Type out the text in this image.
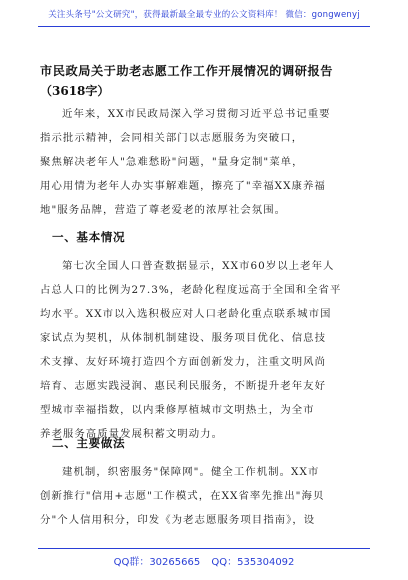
关注头条号"公文研究"，获得最新最全最专业的公文资料库！ 微信：gongwenyj
市民政局关于助老志愿工作工作开展情况的调研报告
（3618字）
近年来，XX市民政局深入学习贯彻习近平总书记重要
指示批示精神，会同相关部门以志愿服务为突破口，
聚焦解决老年人"急难愁盼"问题，"量身定制"菜单，
用心用情为老年人办实事解难题，擦亮了"幸福XX康养福
地"服务品牌，营造了尊老爱老的浓厚社会氛围。
一、基本情况
第七次全国人口普查数据显示，XX市60岁以上老年人
占总人口的比例为27.3%，老龄化程度远高于全国和全省平
均水平。XX市以入选积极应对人口老龄化重点联系城市国
家试点为契机，从体制机制建设、服务项目优化、信息技
术支撑、友好环境打造四个方面创新发力，注重文明风尚
培育、志愿实践浸润、惠民利民服务，不断提升老年友好
型城市幸福指数，以内秉修厚植城市文明热土，为全市
养老服务高质量发展积蓄文明动力。
二、主要做法
建机制，织密服务"保障网"。健全工作机制。XX市
创新推行"信用+志愿"工作模式，在XX省率先推出"海贝
分"个人信用积分，印发《为老志愿服务项目指南》，设
QQ群：30265665 QQ：535304092
